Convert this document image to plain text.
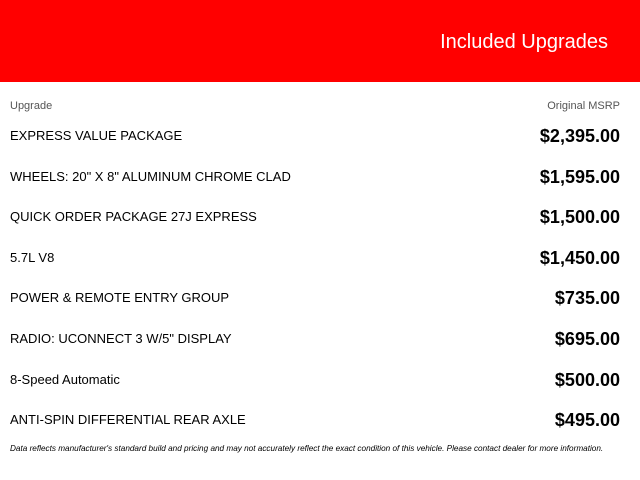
Included Upgrades
Upgrade	Original MSRP
EXPRESS VALUE PACKAGE	$2,395.00
WHEELS: 20" X 8" ALUMINUM CHROME CLAD	$1,595.00
QUICK ORDER PACKAGE 27J EXPRESS	$1,500.00
5.7L V8	$1,450.00
POWER & REMOTE ENTRY GROUP	$735.00
RADIO: UCONNECT 3 W/5" DISPLAY	$695.00
8-Speed Automatic	$500.00
ANTI-SPIN DIFFERENTIAL REAR AXLE	$495.00
Data reflects manufacturer's standard build and pricing and may not accurately reflect the exact condition of this vehicle. Please contact dealer for more information.
